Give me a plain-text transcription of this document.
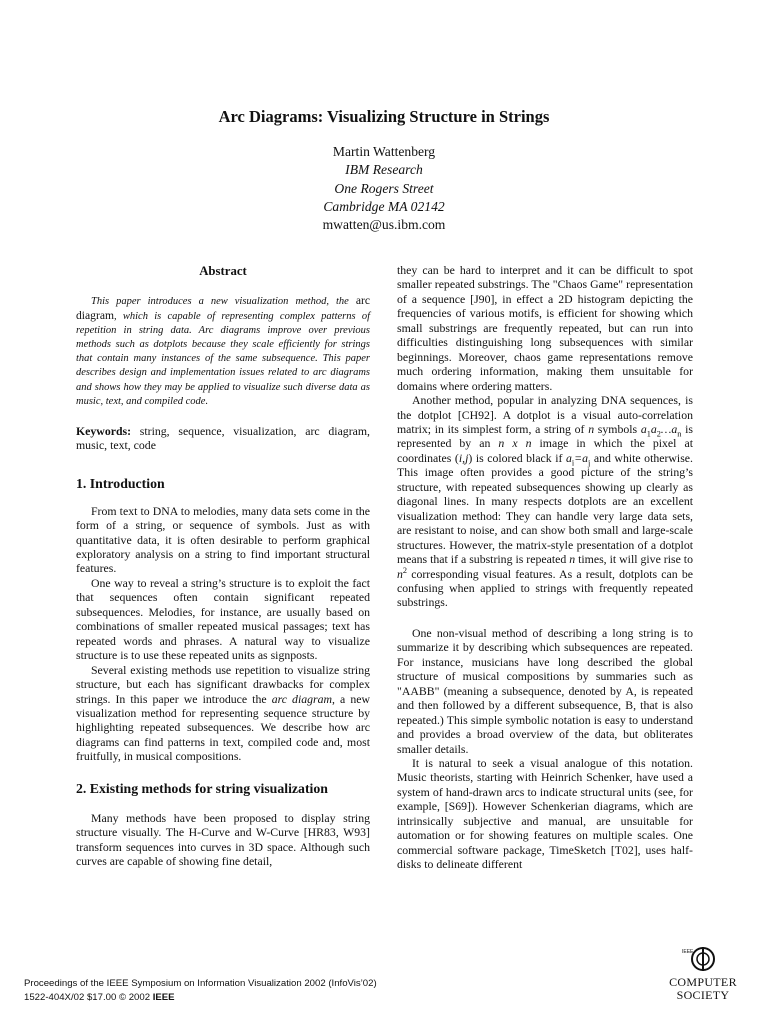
Arc Diagrams: Visualizing Structure in Strings
Martin Wattenberg
IBM Research
One Rogers Street
Cambridge MA 02142
mwatten@us.ibm.com
Abstract

This paper introduces a new visualization method, the arc diagram, which is capable of representing complex patterns of repetition in string data. Arc diagrams improve over previous methods such as dotplots because they scale efficiently for strings that contain many instances of the same subsequence. This paper describes design and implementation issues related to arc diagrams and shows how they may be applied to visualize such diverse data as music, text, and compiled code.

Keywords: string, sequence, visualization, arc diagram, music, text, code

1. Introduction

From text to DNA to melodies, many data sets come in the form of a string, or sequence of symbols. Just as with quantitative data, it is often desirable to perform graphical exploratory analysis on a string to find important structural features.

One way to reveal a string’s structure is to exploit the fact that sequences often contain significant repeated subsequences. Melodies, for instance, are usually based on combinations of smaller repeated musical passages; text has repeated words and phrases. A natural way to visualize structure is to use these repeated units as signposts.

Several existing methods use repetition to visualize string structure, but each has significant drawbacks for complex strings. In this paper we introduce the arc diagram, a new visualization method for representing sequence structure by highlighting repeated subsequences. We describe how arc diagrams can find patterns in text, compiled code and, most fruitfully, in musical compositions.

2. Existing methods for string visualization

Many methods have been proposed to display string structure visually. The H-Curve and W-Curve [HR83, W93] transform sequences into curves in 3D space. Although such curves are capable of showing fine detail,

they can be hard to interpret and it can be difficult to spot smaller repeated substrings. The "Chaos Game" representation of a sequence [J90], in effect a 2D histogram depicting the frequencies of various motifs, is efficient for showing which small substrings are frequently repeated, but can run into difficulties distinguishing long subsequences with similar beginnings. Moreover, chaos game representations remove much ordering information, making them unsuitable for domains where ordering matters.

Another method, popular in analyzing DNA sequences, is the dotplot [CH92]. A dotplot is a visual auto-correlation matrix; in its simplest form, a string of n symbols $a_1a_2\dots a_n$ is represented by an n x n image in which the pixel at coordinates (i,j) is colored black if $a_i=a_j$ and white otherwise. This image often provides a good picture of the string’s structure, with repeated subsequences showing up clearly as diagonal lines. In many respects dotplots are an excellent visualization method: They can handle very large data sets, are resistant to noise, and can show both small and large-scale structures. However, the matrix-style presentation of a dotplot means that if a substring is repeated n times, it will give rise to $n^2$ corresponding visual features. As a result, dotplots can be confusing when applied to strings with frequently repeated substrings.

One non-visual method of describing a long string is to summarize it by describing which subsequences are repeated. For instance, musicians have long described the global structure of musical compositions by summaries such as "AABB" (meaning a subsequence, denoted by A, is repeated and then followed by a different subsequence, B, that is also repeated.) This simple symbolic notation is easy to understand and provides a broad overview of the data, but obliterates smaller details.

It is natural to seek a visual analogue of this notation. Music theorists, starting with Heinrich Schenker, have used a system of hand-drawn arcs to indicate structural units (see, for example, [S69]). However Schenkerian diagrams, which are intrinsically subjective and manual, are unsuitable for automation or for showing features on multiple scales. One commercial software package, TimeSketch [T02], uses half-disks to delineate different

Proceedings of the IEEE Symposium on Information Visualization 2002 (InfoVis’02)
1522-404X/02 $17.00 © 2002 IEEE
IEEE
COMPUTER
SOCIETY
